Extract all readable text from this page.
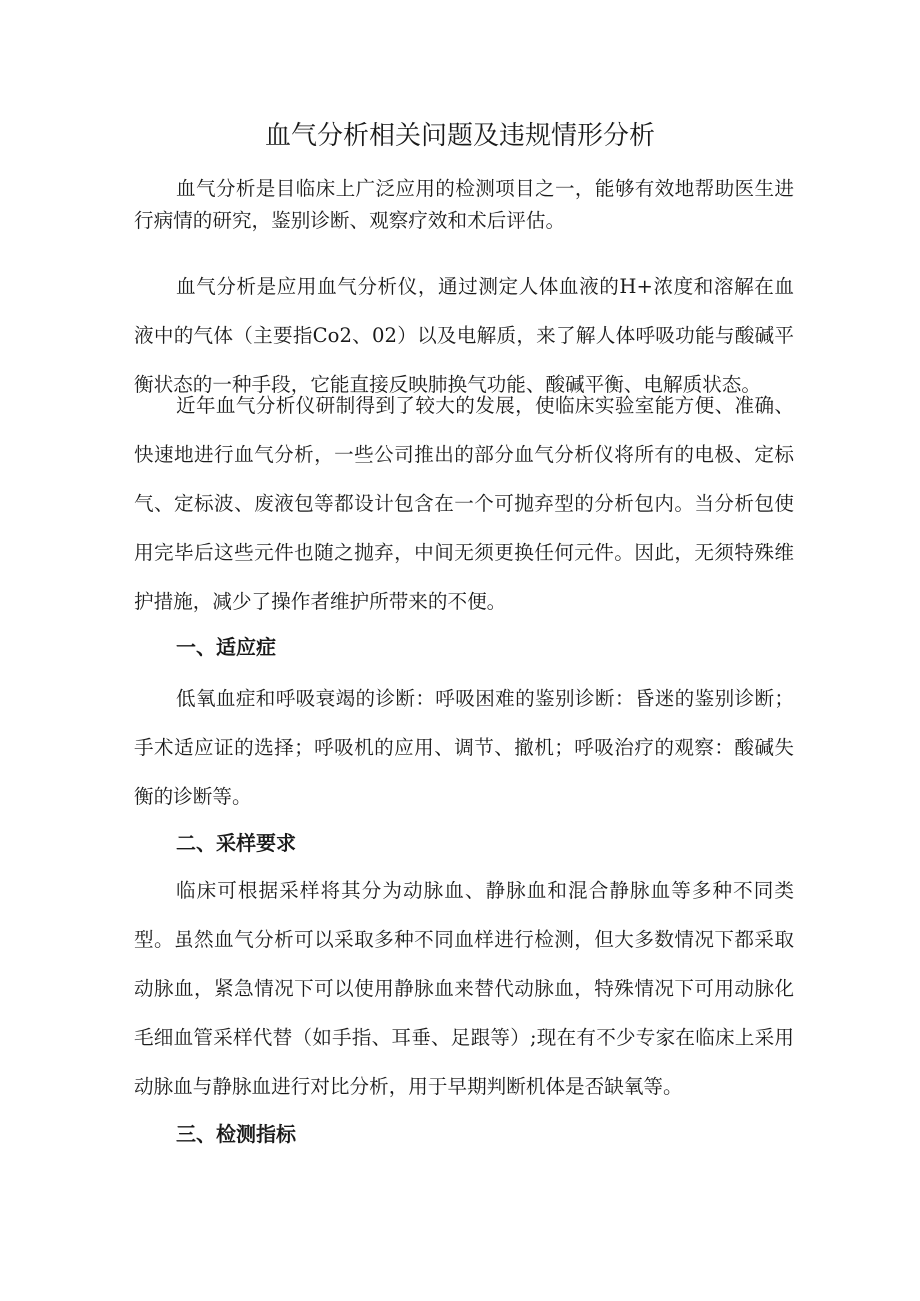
血气分析相关问题及违规情形分析

血气分析是目临床上广泛应用的检测项目之一，能够有效地帮助医生进行病情的研究，鉴别诊断、观察疗效和术后评估。

血气分析是应用血气分析仪，通过测定人体血液的H+浓度和溶解在血液中的气体（主要指Co2、02）以及电解质，来了解人体呼吸功能与酸碱平衡状态的一种手段，它能直接反映肺换气功能、酸碱平衡、电解质状态。

近年血气分析仪研制得到了较大的发展，使临床实验室能方便、准确、快速地进行血气分析，一些公司推出的部分血气分析仪将所有的电极、定标气、定标波、废液包等都设计包含在一个可抛弃型的分析包内。当分析包使用完毕后这些元件也随之抛弃，中间无须更换任何元件。因此，无须特殊维护措施，减少了操作者维护所带来的不便。

一、适应症

低氧血症和呼吸衰竭的诊断：呼吸困难的鉴别诊断：昏迷的鉴别诊断；手术适应证的选择；呼吸机的应用、调节、撤机；呼吸治疗的观察：酸碱失衡的诊断等。

二、采样要求

临床可根据采样将其分为动脉血、静脉血和混合静脉血等多种不同类型。虽然血气分析可以采取多种不同血样进行检测，但大多数情况下都采取动脉血，紧急情况下可以使用静脉血来替代动脉血，特殊情况下可用动脉化毛细血管采样代替（如手指、耳垂、足跟等）;现在有不少专家在临床上采用动脉血与静脉血进行对比分析，用于早期判断机体是否缺氧等。

三、检测指标
